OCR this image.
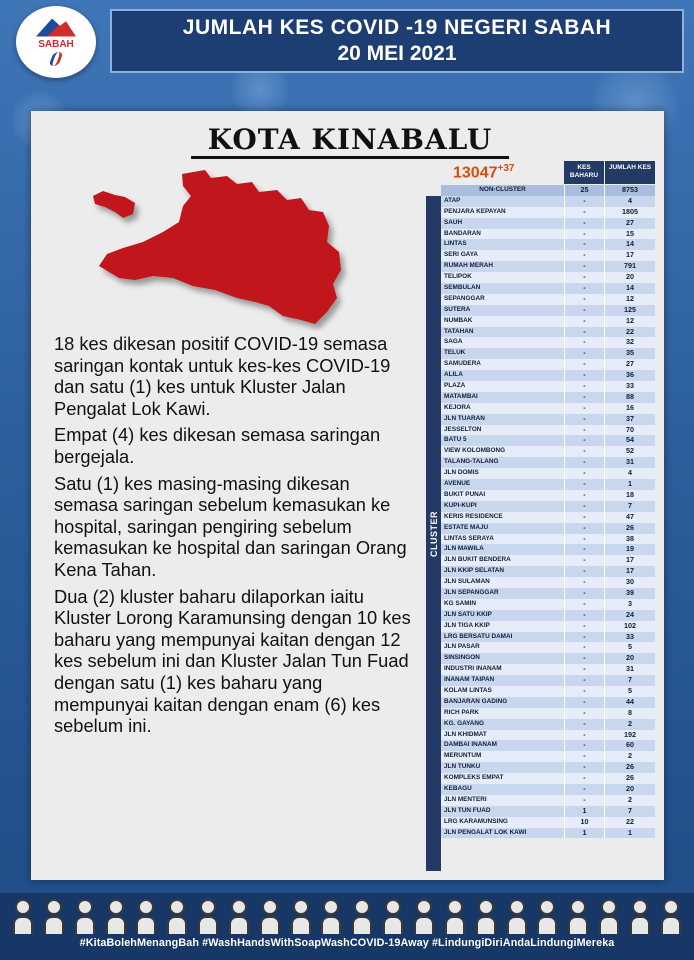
SABAH
JUMLAH KES COVID -19 NEGERI SABAH
20 MEI 2021
KOTA KINABALU

18 kes dikesan positif COVID-19 semasa saringan kontak untuk kes-kes COVID-19 dan satu (1) kes untuk Kluster Jalan Pengalat Lok Kawi.

Empat (4) kes dikesan semasa saringan bergejala.

Satu (1) kes masing-masing dikesan semasa saringan sebelum kemasukan ke hospital, saringan pengiring sebelum kemasukan ke hospital dan saringan Orang Kena Tahan.

Dua (2) kluster baharu dilaporkan iaitu Kluster Lorong Karamunsing dengan 10 kes baharu yang mempunyai kaitan dengan 12 kes sebelum ini dan Kluster Jalan Tun Fuad dengan satu (1) kes baharu yang mempunyai kaitan dengan enam (6) kes sebelum ini.

$13047^{+37}$	KES BAHARU
JUMLAH KES
NON-CLUSTER	25	8753
ATAP	-	4
PENJARA KEPAYAN	-	1805
SAUH	-	27
BANDARAN	-	15
LINTAS	-	14
SERI GAYA	-	17
RUMAH MERAH	-	791
TELIPOK	-	20
SEMBULAN	-	14
SEPANGGAR	-	12
SUTERA	-	125
NUMBAK	-	12
TATAHAN	-	22
SAGA	-	32
TELUK	-	35
SAMUDERA	-	27
ALILA	-	36
PLAZA	-	33
MATAMBAI	-	88
KEJORA	-	16
JLN TUARAN	-	37
JESSELTON	-	70
BATU 5	-	54
VIEW KOLOMBONG	-	52
TALANG-TALANG	-	31
JLN DOMIS	-	4
AVENUE	-	1
BUKIT PUNAI	-	18
KUPI-KUPI	-	7
KERIS RESIDENCE	-	47
ESTATE MAJU	-	26
LINTAS SERAYA	-	38
JLN MAWILA	-	19
JLN BUKIT BENDERA	-	17
JLN KKIP SELATAN	-	17
JLN SULAMAN	-	30
JLN SEPANGGAR	-	39
KG SAMIN	-	3
JLN SATU KKIP	-	24
JLN TIGA KKIP	-	102
LRG BERSATU DAMAI	-	33
JLN PASAR	-	5
SINSINGON	-	20
INDUSTRI INANAM	-	31
INANAM TAIPAN	-	7
KOLAM LINTAS	-	5
BANJARAN GADING	-	44
RICH PARK	-	8
KG. GAYANG	-	2
JLN KHIDMAT	-	192
DAMBAI INANAM	-	60
MERUNTUM	-	2
JLN TUNKU	-	26
KOMPLEKS EMPAT	-	26
KEBAGU	-	20
JLN MENTERI	-	2
JLN TUN FUAD	1	7
LRG KARAMUNSING	10	22
JLN PENGALAT LOK KAWI	1	1
CLUSTER
#KitaBolehMenangBah #WashHandsWithSoapWashCOVID-19Away #LindungiDiriAndaLindungiMereka
